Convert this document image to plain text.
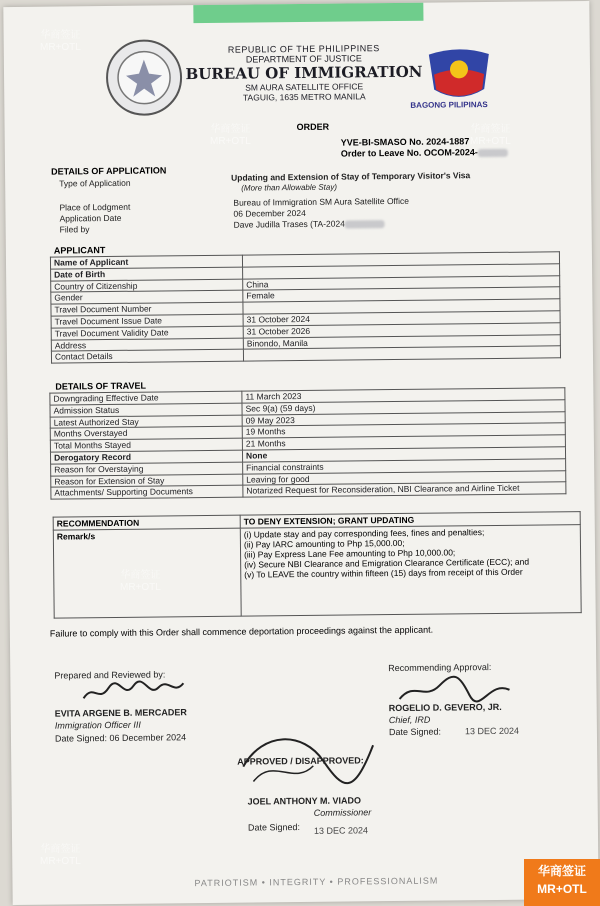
REPUBLIC OF THE PHILIPPINES
DEPARTMENT OF JUSTICE
BUREAU OF IMMIGRATION
SM AURA SATELLITE OFFICE
TAGUIG, 1635 METRO MANILA
BAGONG PILIPINAS
ORDER
YVE-BI-SMASO No. 2024-1887
Order to Leave No. OCOM-2024-
DETAILS OF APPLICATION
Type of Application
Updating and Extension of Stay of Temporary Visitor's Visa
(More than Allowable Stay)
Place of Lodgment	Bureau of Immigration SM Aura Satellite Office
Application Date	06 December 2024
Filed by	Dave Judilla Trases (TA-2024
APPLICANT
Name of Applicant	
Date of Birth	
Country of Citizenship	China
Gender	Female
Travel Document Number	
Travel Document Issue Date	31 October 2024
Travel Document Validity Date	31 October 2026
Address	Binondo, Manila
Contact Details	
DETAILS OF TRAVEL
Downgrading Effective Date	11 March 2023
Admission Status	Sec 9(a) (59 days)
Latest Authorized Stay	09 May 2023
Months Overstayed	19 Months
Total Months Stayed	21 Months
Derogatory Record	None
Reason for Overstaying	Financial constraints
Reason for Extension of Stay	Leaving for good
Attachments/ Supporting Documents	Notarized Request for Reconsideration, NBI Clearance and Airline Ticket
RECOMMENDATION	TO DENY EXTENSION; GRANT UPDATING
Remark/s	(i) Update stay and pay corresponding fees, fines and penalties;
(ii) Pay IARC amounting to Php 15,000.00;
(iii) Pay Express Lane Fee amounting to Php 10,000.00;
(iv) Secure NBI Clearance and Emigration Clearance Certificate (ECC); and
(v) To LEAVE the country within fifteen (15) days from receipt of this Order
Failure to comply with this Order shall commence deportation proceedings against the applicant.
Prepared and Reviewed by:
EVITA ARGENE B. MERCADER
Immigration Officer III
Date Signed: 06 December 2024
Recommending Approval:
ROGELIO D. GEVERO, JR.
Chief, IRD
Date Signed:	13 DEC 2024
APPROVED / DISAPPROVED:
JOEL ANTHONY M. VIADO
Commissioner
Date Signed: 13 DEC 2024
PATRIOTISM • INTEGRITY • PROFESSIONALISM
华商签证
MR+OTL
华商签证
MR+OTL
华商签证
MR+OTL
华商签证
MR+OTL
华商签证
MR+OTL
华商签证
MR+OTL
